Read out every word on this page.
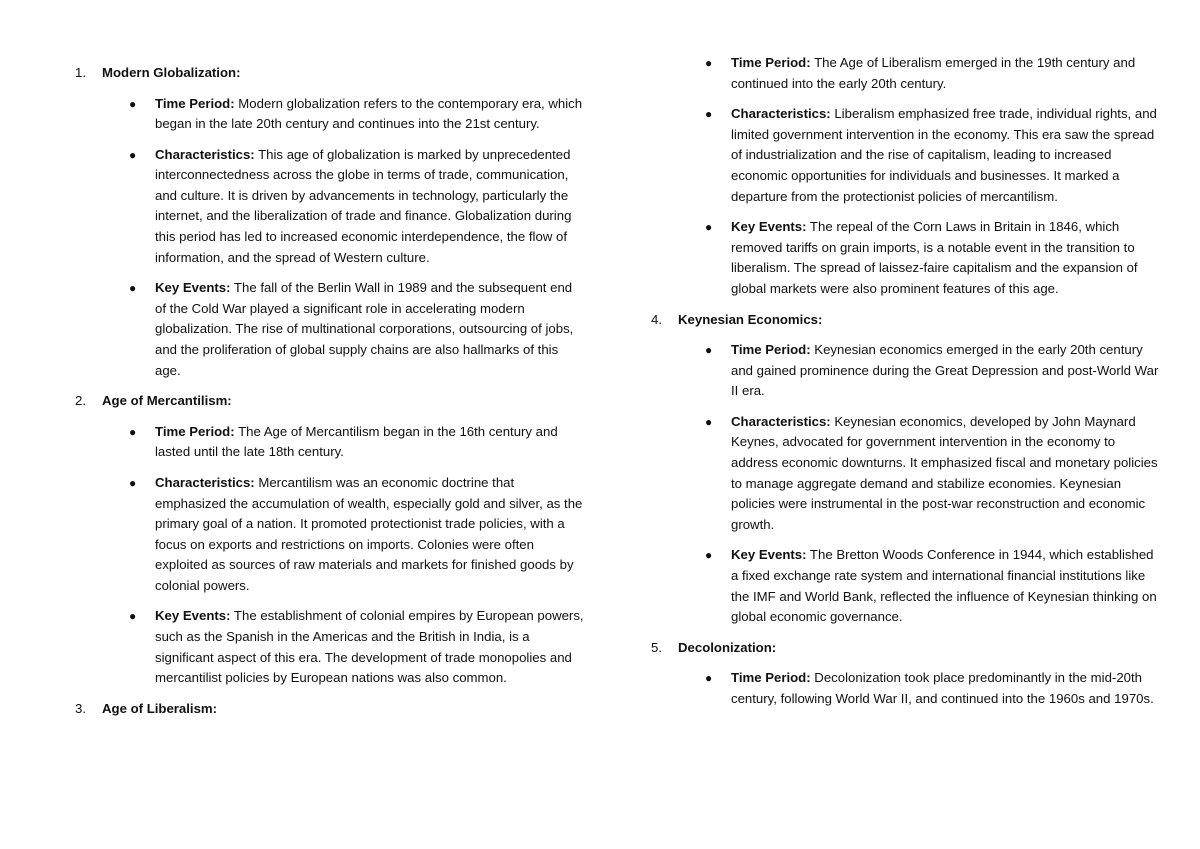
1.	Modern Globalization:
●	Time Period: Modern globalization refers to the contemporary era, which began in the late 20th century and continues into the 21st century.
●	Characteristics: This age of globalization is marked by unprecedented interconnectedness across the globe in terms of trade, communication, and culture. It is driven by advancements in technology, particularly the internet, and the liberalization of trade and finance. Globalization during this period has led to increased economic interdependence, the flow of information, and the spread of Western culture.
●	Key Events: The fall of the Berlin Wall in 1989 and the subsequent end of the Cold War played a significant role in accelerating modern globalization. The rise of multinational corporations, outsourcing of jobs, and the proliferation of global supply chains are also hallmarks of this age.
2.	Age of Mercantilism:
●	Time Period: The Age of Mercantilism began in the 16th century and lasted until the late 18th century.
●	Characteristics: Mercantilism was an economic doctrine that emphasized the accumulation of wealth, especially gold and silver, as the primary goal of a nation. It promoted protectionist trade policies, with a focus on exports and restrictions on imports. Colonies were often exploited as sources of raw materials and markets for finished goods by colonial powers.
●	Key Events: The establishment of colonial empires by European powers, such as the Spanish in the Americas and the British in India, is a significant aspect of this era. The development of trade monopolies and mercantilist policies by European nations was also common.
3.	Age of Liberalism:
●	Time Period: The Age of Liberalism emerged in the 19th century and continued into the early 20th century.
●	Characteristics: Liberalism emphasized free trade, individual rights, and limited government intervention in the economy. This era saw the spread of industrialization and the rise of capitalism, leading to increased economic opportunities for individuals and businesses. It marked a departure from the protectionist policies of mercantilism.
●	Key Events: The repeal of the Corn Laws in Britain in 1846, which removed tariffs on grain imports, is a notable event in the transition to liberalism. The spread of laissez-faire capitalism and the expansion of global markets were also prominent features of this age.
4.	Keynesian Economics:
●	Time Period: Keynesian economics emerged in the early 20th century and gained prominence during the Great Depression and post-World War II era.
●	Characteristics: Keynesian economics, developed by John Maynard Keynes, advocated for government intervention in the economy to address economic downturns. It emphasized fiscal and monetary policies to manage aggregate demand and stabilize economies. Keynesian policies were instrumental in the post-war reconstruction and economic growth.
●	Key Events: The Bretton Woods Conference in 1944, which established a fixed exchange rate system and international financial institutions like the IMF and World Bank, reflected the influence of Keynesian thinking on global economic governance.
5.	Decolonization:
●	Time Period: Decolonization took place predominantly in the mid-20th century, following World War II, and continued into the 1960s and 1970s.
